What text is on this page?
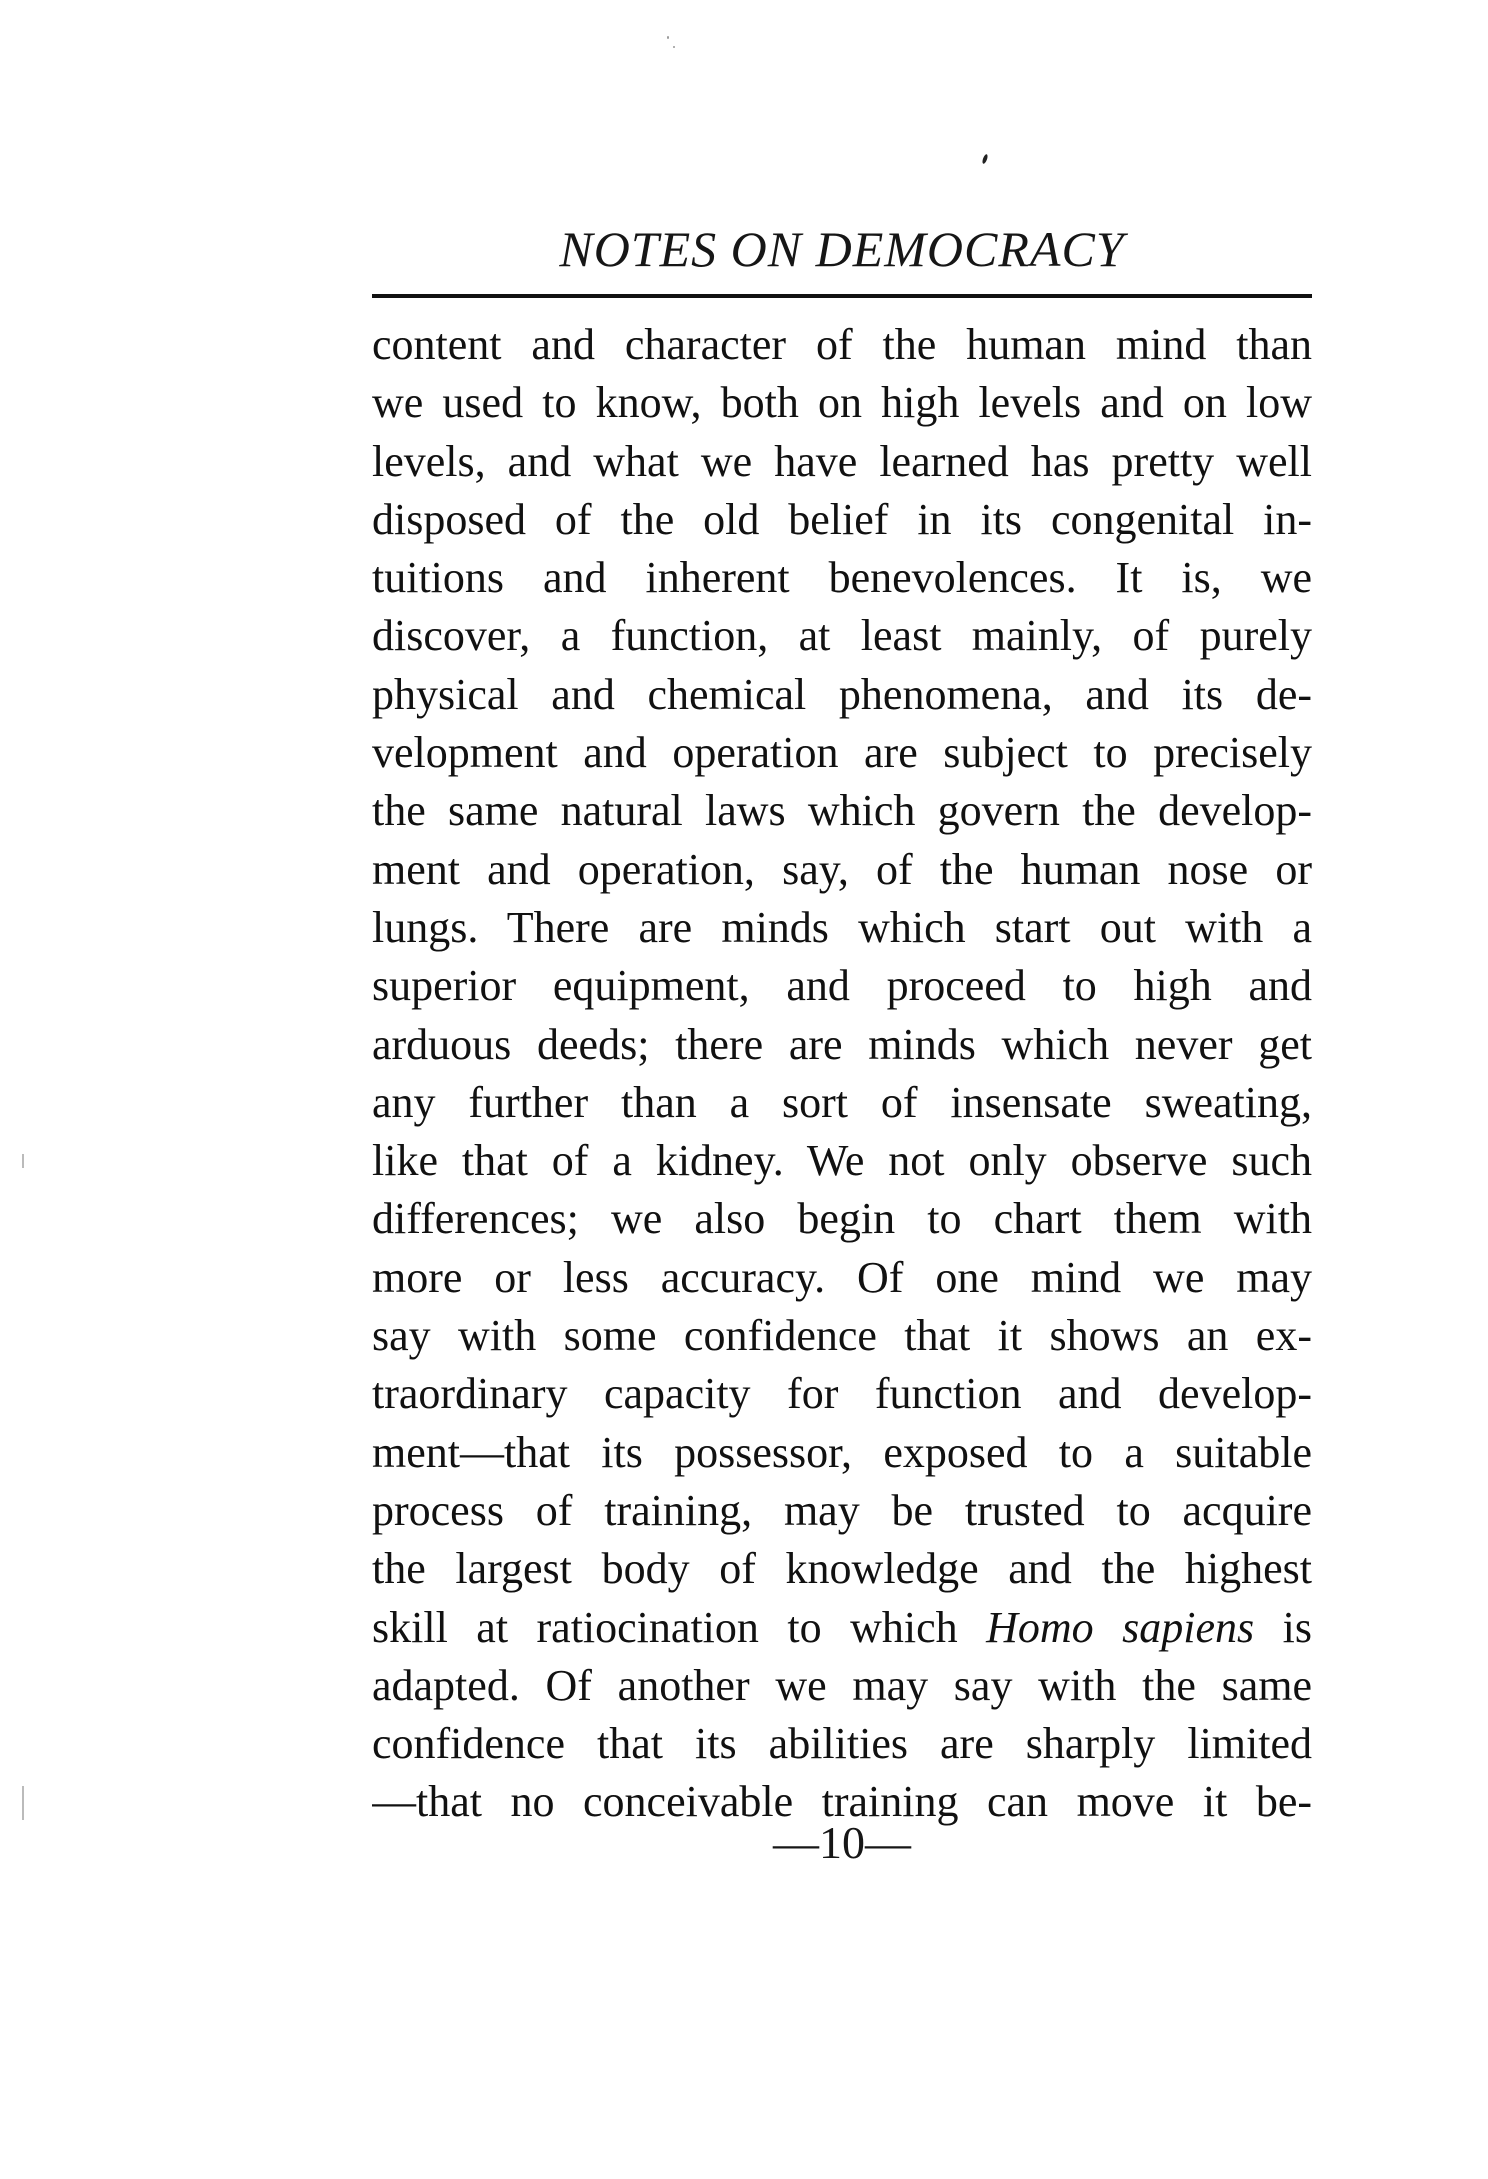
NOTES ON DEMOCRACY
content and character of the human mind than
we used to know, both on high levels and on low
levels, and what we have learned has pretty well
disposed of the old belief in its congenital in-
tuitions and inherent benevolences. It is, we
discover, a function, at least mainly, of purely
physical and chemical phenomena, and its de-
velopment and operation are subject to precisely
the same natural laws which govern the develop-
ment and operation, say, of the human nose or
lungs. There are minds which start out with a
superior equipment, and proceed to high and
arduous deeds; there are minds which never get
any further than a sort of insensate sweating,
like that of a kidney. We not only observe such
differences; we also begin to chart them with
more or less accuracy. Of one mind we may
say with some confidence that it shows an ex-
traordinary capacity for function and develop-
ment—that its possessor, exposed to a suitable
process of training, may be trusted to acquire
the largest body of knowledge and the highest
skill at ratiocination to which Homo sapiens is
adapted. Of another we may say with the same
confidence that its abilities are sharply limited
—that no conceivable training can move it be-
—10—
